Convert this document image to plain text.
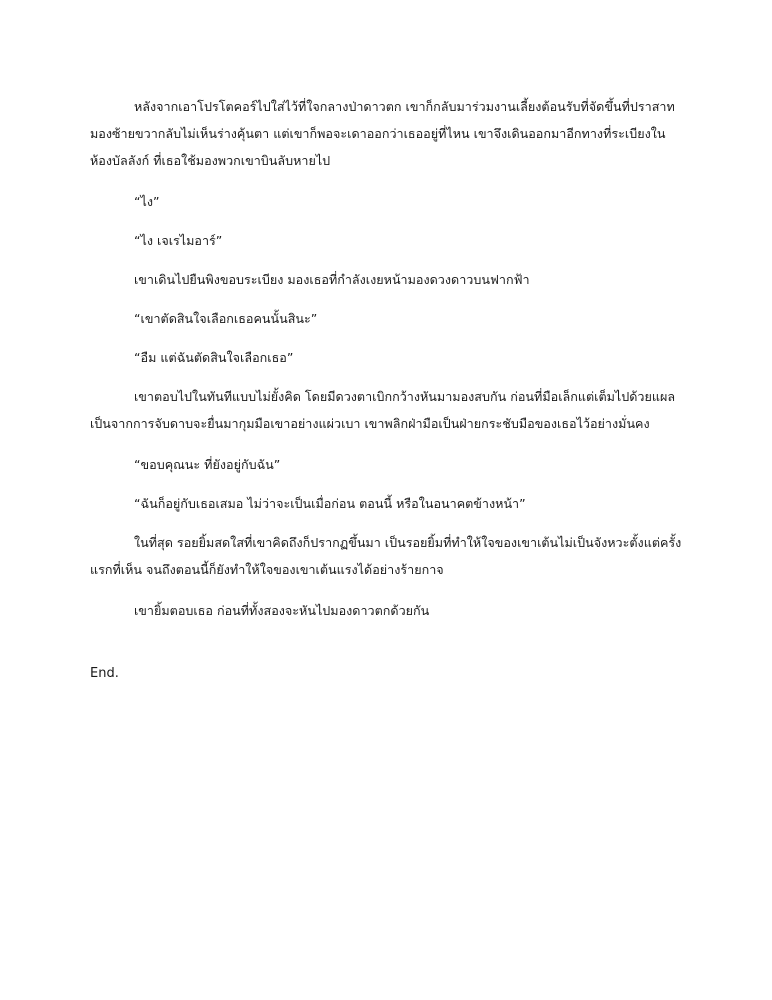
หลังจากเอาโปรโตคอร์ไปใส่ไว้ที่ใจกลางป่าดาวตก เขาก็กลับมาร่วมงานเลี้ยงต้อนรับที่จัดขึ้นที่ปราสาท มองซ้ายขวากลับไม่เห็นร่างคุ้นตา แต่เขาก็พอจะเดาออกว่าเธออยู่ที่ไหน เขาจึงเดินออกมาอีกทางที่ระเบียงในห้องบัลลังก์ ที่เธอใช้มองพวกเขาบินลับหายไป

“ไง”

“ไง เจเรไมอาร์”

เขาเดินไปยืนพิงขอบระเบียง มองเธอที่กำลังเงยหน้ามองดวงดาวบนฟากฟ้า

“เขาตัดสินใจเลือกเธอคนนั้นสินะ”

“อืม แต่ฉันตัดสินใจเลือกเธอ”

เขาตอบไปในทันทีแบบไม่ยั้งคิด โดยมีดวงตาเบิกกว้างหันมามองสบกัน ก่อนที่มือเล็กแต่เต็มไปด้วยแผลเป็นจากการจับดาบจะยื่นมากุมมือเขาอย่างแผ่วเบา เขาพลิกฝ่ามือเป็นฝ่ายกระชับมือของเธอไว้อย่างมั่นคง

“ขอบคุณนะ ที่ยังอยู่กับฉัน”

“ฉันก็อยู่กับเธอเสมอ ไม่ว่าจะเป็นเมื่อก่อน ตอนนี้ หรือในอนาคตข้างหน้า”

ในที่สุด รอยยิ้มสดใสที่เขาคิดถึงก็ปรากฏขึ้นมา เป็นรอยยิ้มที่ทำให้ใจของเขาเต้นไม่เป็นจังหวะตั้งแต่ครั้งแรกที่เห็น จนถึงตอนนี้ก็ยังทำให้ใจของเขาเต้นแรงได้อย่างร้ายกาจ

เขายิ้มตอบเธอ ก่อนที่ทั้งสองจะหันไปมองดาวตกด้วยกัน

End.
